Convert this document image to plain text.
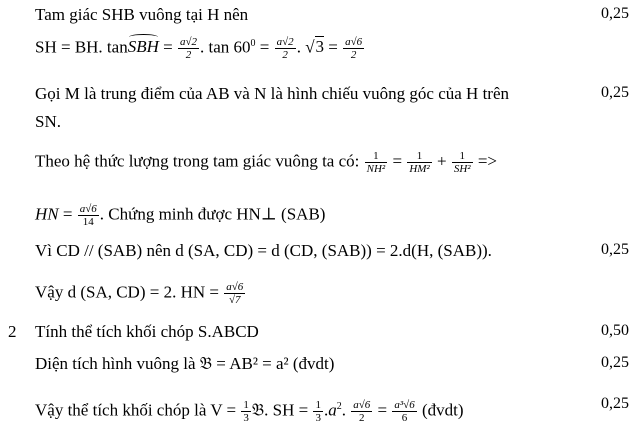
Tam giác SHB vuông tại H nên	0,25
SH = BH. tanSBH = $\frac{a√2}{2}$ . $\tan 60^0 = \frac{a√2}{2}$ . $√3 = \frac{a√6}{2}$
Gọi M là trung điểm của AB và N là hình chiếu vuông góc của H trên	0,25
SN.
Theo hệ thức lượng trong tam giác vuông ta có: $\frac{1}{\text{NH²}} = \frac{1}{\text{HM²}} + \frac{1}{\text{SH²}}$ =>
HN = $\frac{a√6}{14}$ . Chứng minh được HN⊥ (SAB)
Vì CD // (SAB) nên d (SA, CD) = d (CD, (SAB)) = 2.d(H, (SAB)).	0,25
Vậy d (SA, CD) = 2. HN = $\frac{a√6}{√7}$
2 Tính thể tích khối chóp S.ABCD	0,50
Diện tích hình vuông là 𝔅 = AB² = a² (đvdt)	0,25
Vậy thể tích khối chóp là $V = \frac{1}{3}$ 𝔅. SH = $\frac{1}{3} .a^2$. $\frac{a√6}{2} = \frac{\text{a³√6}}{6}$ (đvdt)	0,25
